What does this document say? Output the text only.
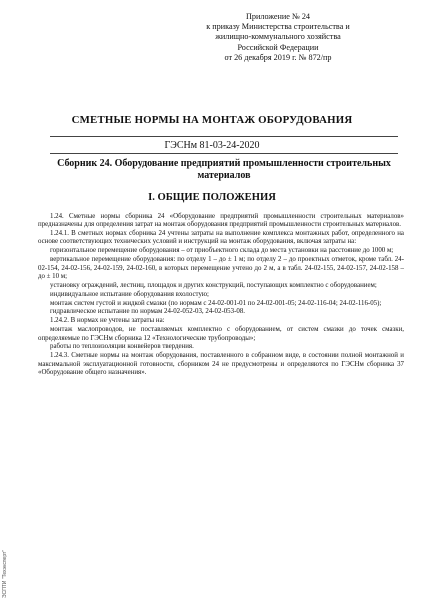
Приложение № 24
к приказу Министерства строительства и
жилищно-коммунального хозяйства
Российской Федерации
от 26 декабря 2019 г. № 872/пр
СМЕТНЫЕ НОРМЫ НА МОНТАЖ ОБОРУДОВАНИЯ
ГЭСНм 81-03-24-2020
Сборник 24. Оборудование предприятий промышленности строительных материалов
I. ОБЩИЕ ПОЛОЖЕНИЯ

1.24. Сметные нормы сборника 24 «Оборудование предприятий промышленности строительных материалов» предназначены для определения затрат на монтаж оборудования предприятий промышленности строительных материалов.

1.24.1. В сметных нормах сборника 24 учтены затраты на выполнение комплекса монтажных работ, определенного на основе соответствующих технических условий и инструкций на монтаж оборудования, включая затраты на:

горизонтальное перемещение оборудования – от приобъектного склада до места установки на расстояние до 1000 м;

вертикальное перемещение оборудования: по отделу 1 – до ± 1 м; по отделу 2 – до проектных отметок, кроме табл. 24-02-154, 24-02-156, 24-02-159, 24-02-160, в которых перемещение учтено до 2 м, а в табл. 24-02-155, 24-02-157, 24-02-158 – до ± 10 м;

установку ограждений, лестниц, площадок и других конструкций, поступающих комплектно с оборудованием;

индивидуальное испытание оборудования вхолостую;

монтаж систем густой и жидкой смазки (по нормам с 24-02-001-01 по 24-02-001-05; 24-02-116-04; 24-02-116-05);

гидравлическое испытание по нормам 24-02-052-03, 24-02-053-08.

1.24.2. В нормах не учтены затраты на:

монтаж маслопроводов, не поставляемых комплектно с оборудованием, от систем смазки до точек смазки, определяемые по ГЭСНм сборника 12 «Технологические трубопроводы»;

работы по теплоизоляции конвейеров твердения.

1.24.3. Сметные нормы на монтаж оборудования, поставленного в собранном виде, в состоянии полной монтажной и максимальной эксплуатационной готовности, сборником 24 не предусмотрены и определяются по ГЭСНм сборника 37 «Оборудование общего назначения».

ЭСПТИ "Техэксперт"
